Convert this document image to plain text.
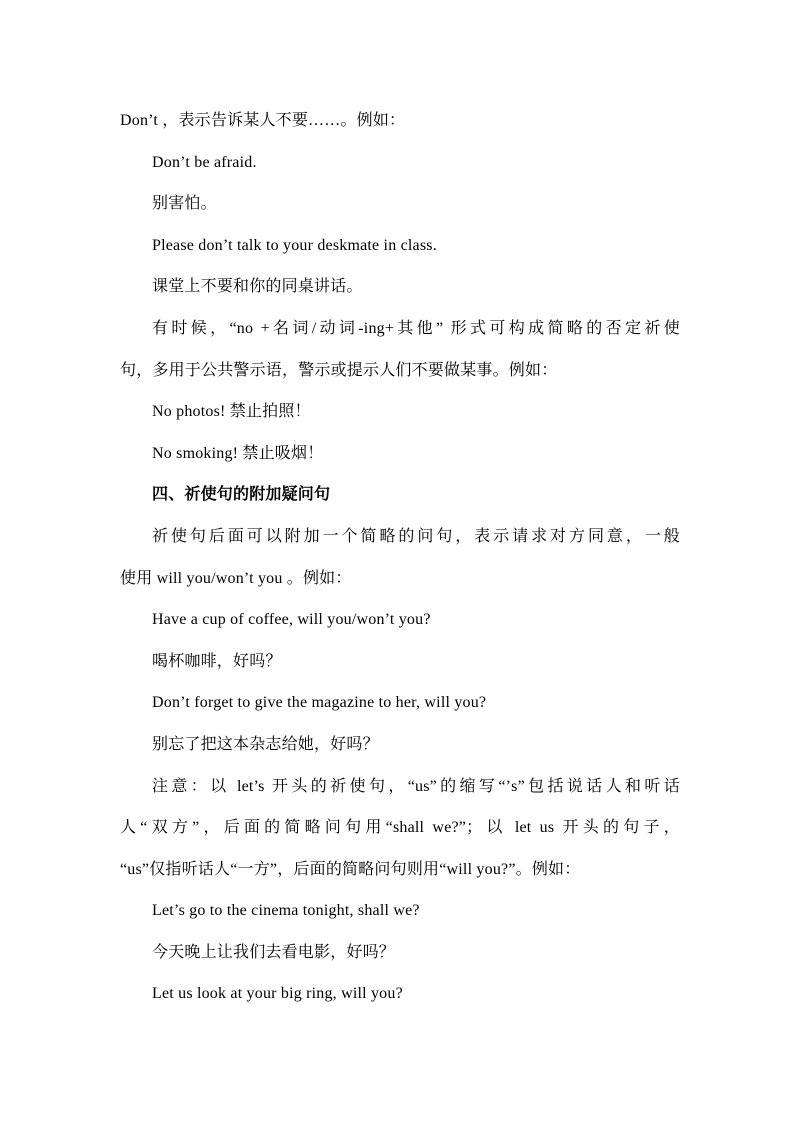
Don’t ，表示告诉某人不要……。例如：
Don’t be afraid.
别害怕。
Please don’t talk to your deskmate in class.
课堂上不要和你的同桌讲话。
有时候，“no +名词/动词-ing+其他” 形式可构成简略的否定祈使
句，多用于公共警示语，警示或提示人们不要做某事。例如：
No photos! 禁止拍照！
No smoking! 禁止吸烟！
四、祈使句的附加疑问句
祈使句后面可以附加一个简略的问句，表示请求对方同意，一般
使用 will you/won’t you 。例如：
Have a cup of coffee, will you/won’t you?
喝杯咖啡，好吗？
Don’t forget to give the magazine to her, will you?
别忘了把这本杂志给她，好吗？
注意：以 let’s 开头的祈使句，“us”的缩写“’s”包括说话人和听话
人“双方”，后面的简略问句用“shall we?”；以 let us 开头的句子，
“us”仅指听话人“一方”，后面的简略问句则用“will you?”。例如：
Let’s go to the cinema tonight, shall we?
今天晚上让我们去看电影，好吗？
Let us look at your big ring, will you?
